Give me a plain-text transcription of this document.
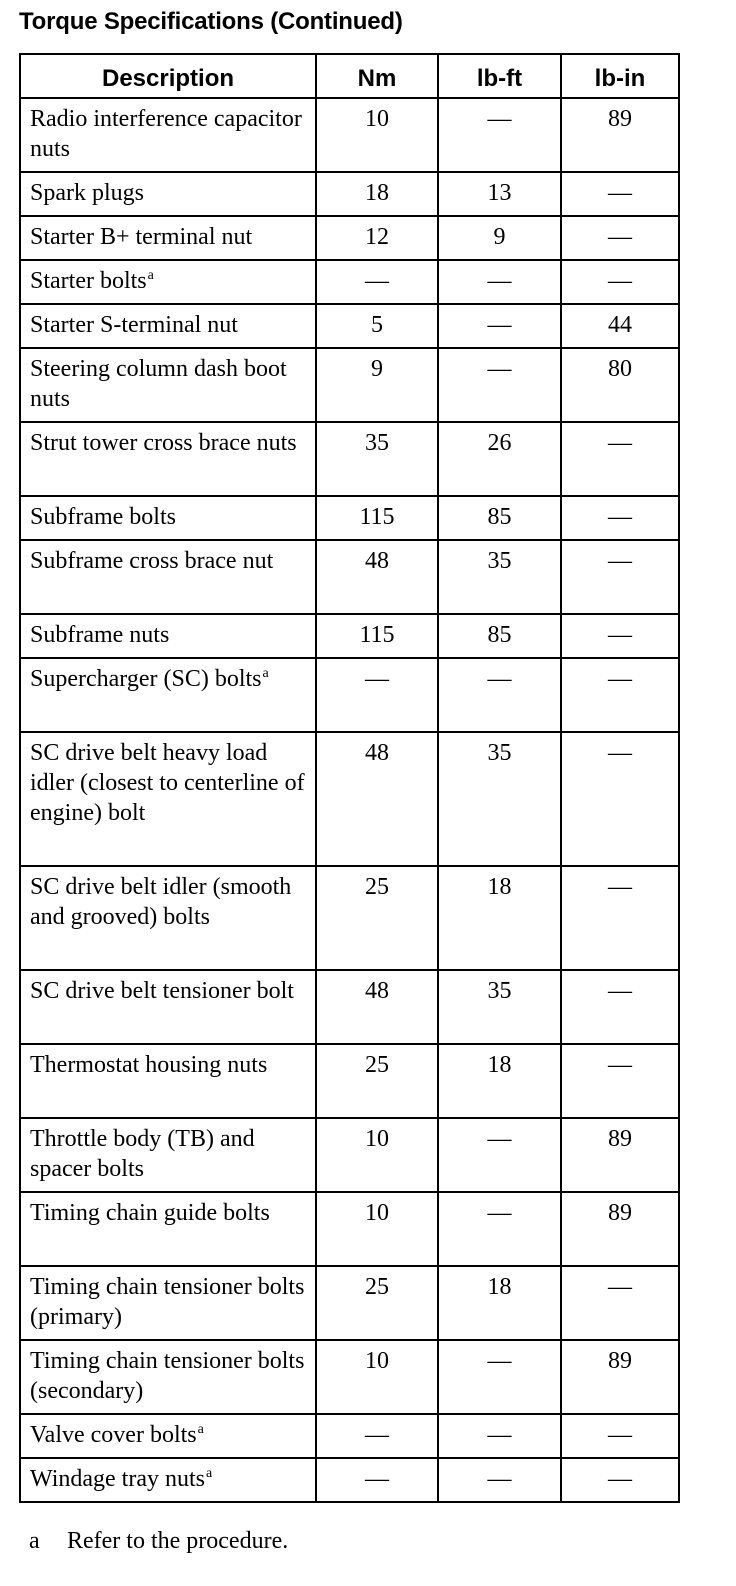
Torque Specifications (Continued)
Description	Nm	lb-ft	lb-in
Radio interference capacitor nuts	10	—	89
Spark plugs	18	13	—
Starter B+ terminal nut	12	9	—
Starter bolts$^a$	—	—	—
Starter S-terminal nut	5	—	44
Steering column dash boot nuts	9	—	80
Strut tower cross brace nuts	35	26	—
Subframe bolts	115	85	—
Subframe cross brace nut	48	35	—
Subframe nuts	115	85	—
Supercharger (SC) bolts$^a$	—	—	—
SC drive belt heavy load idler (closest to centerline of engine) bolt	48	35	—
SC drive belt idler (smooth and grooved) bolts	25	18	—
SC drive belt tensioner bolt	48	35	—
Thermostat housing nuts	25	18	—
Throttle body (TB) and spacer bolts	10	—	89
Timing chain guide bolts	10	—	89
Timing chain tensioner bolts (primary)	25	18	—
Timing chain tensioner bolts (secondary)	10	—	89
Valve cover bolts$^a$	—	—	—
Windage tray nuts$^a$	—	—	—
a Refer to the procedure.
